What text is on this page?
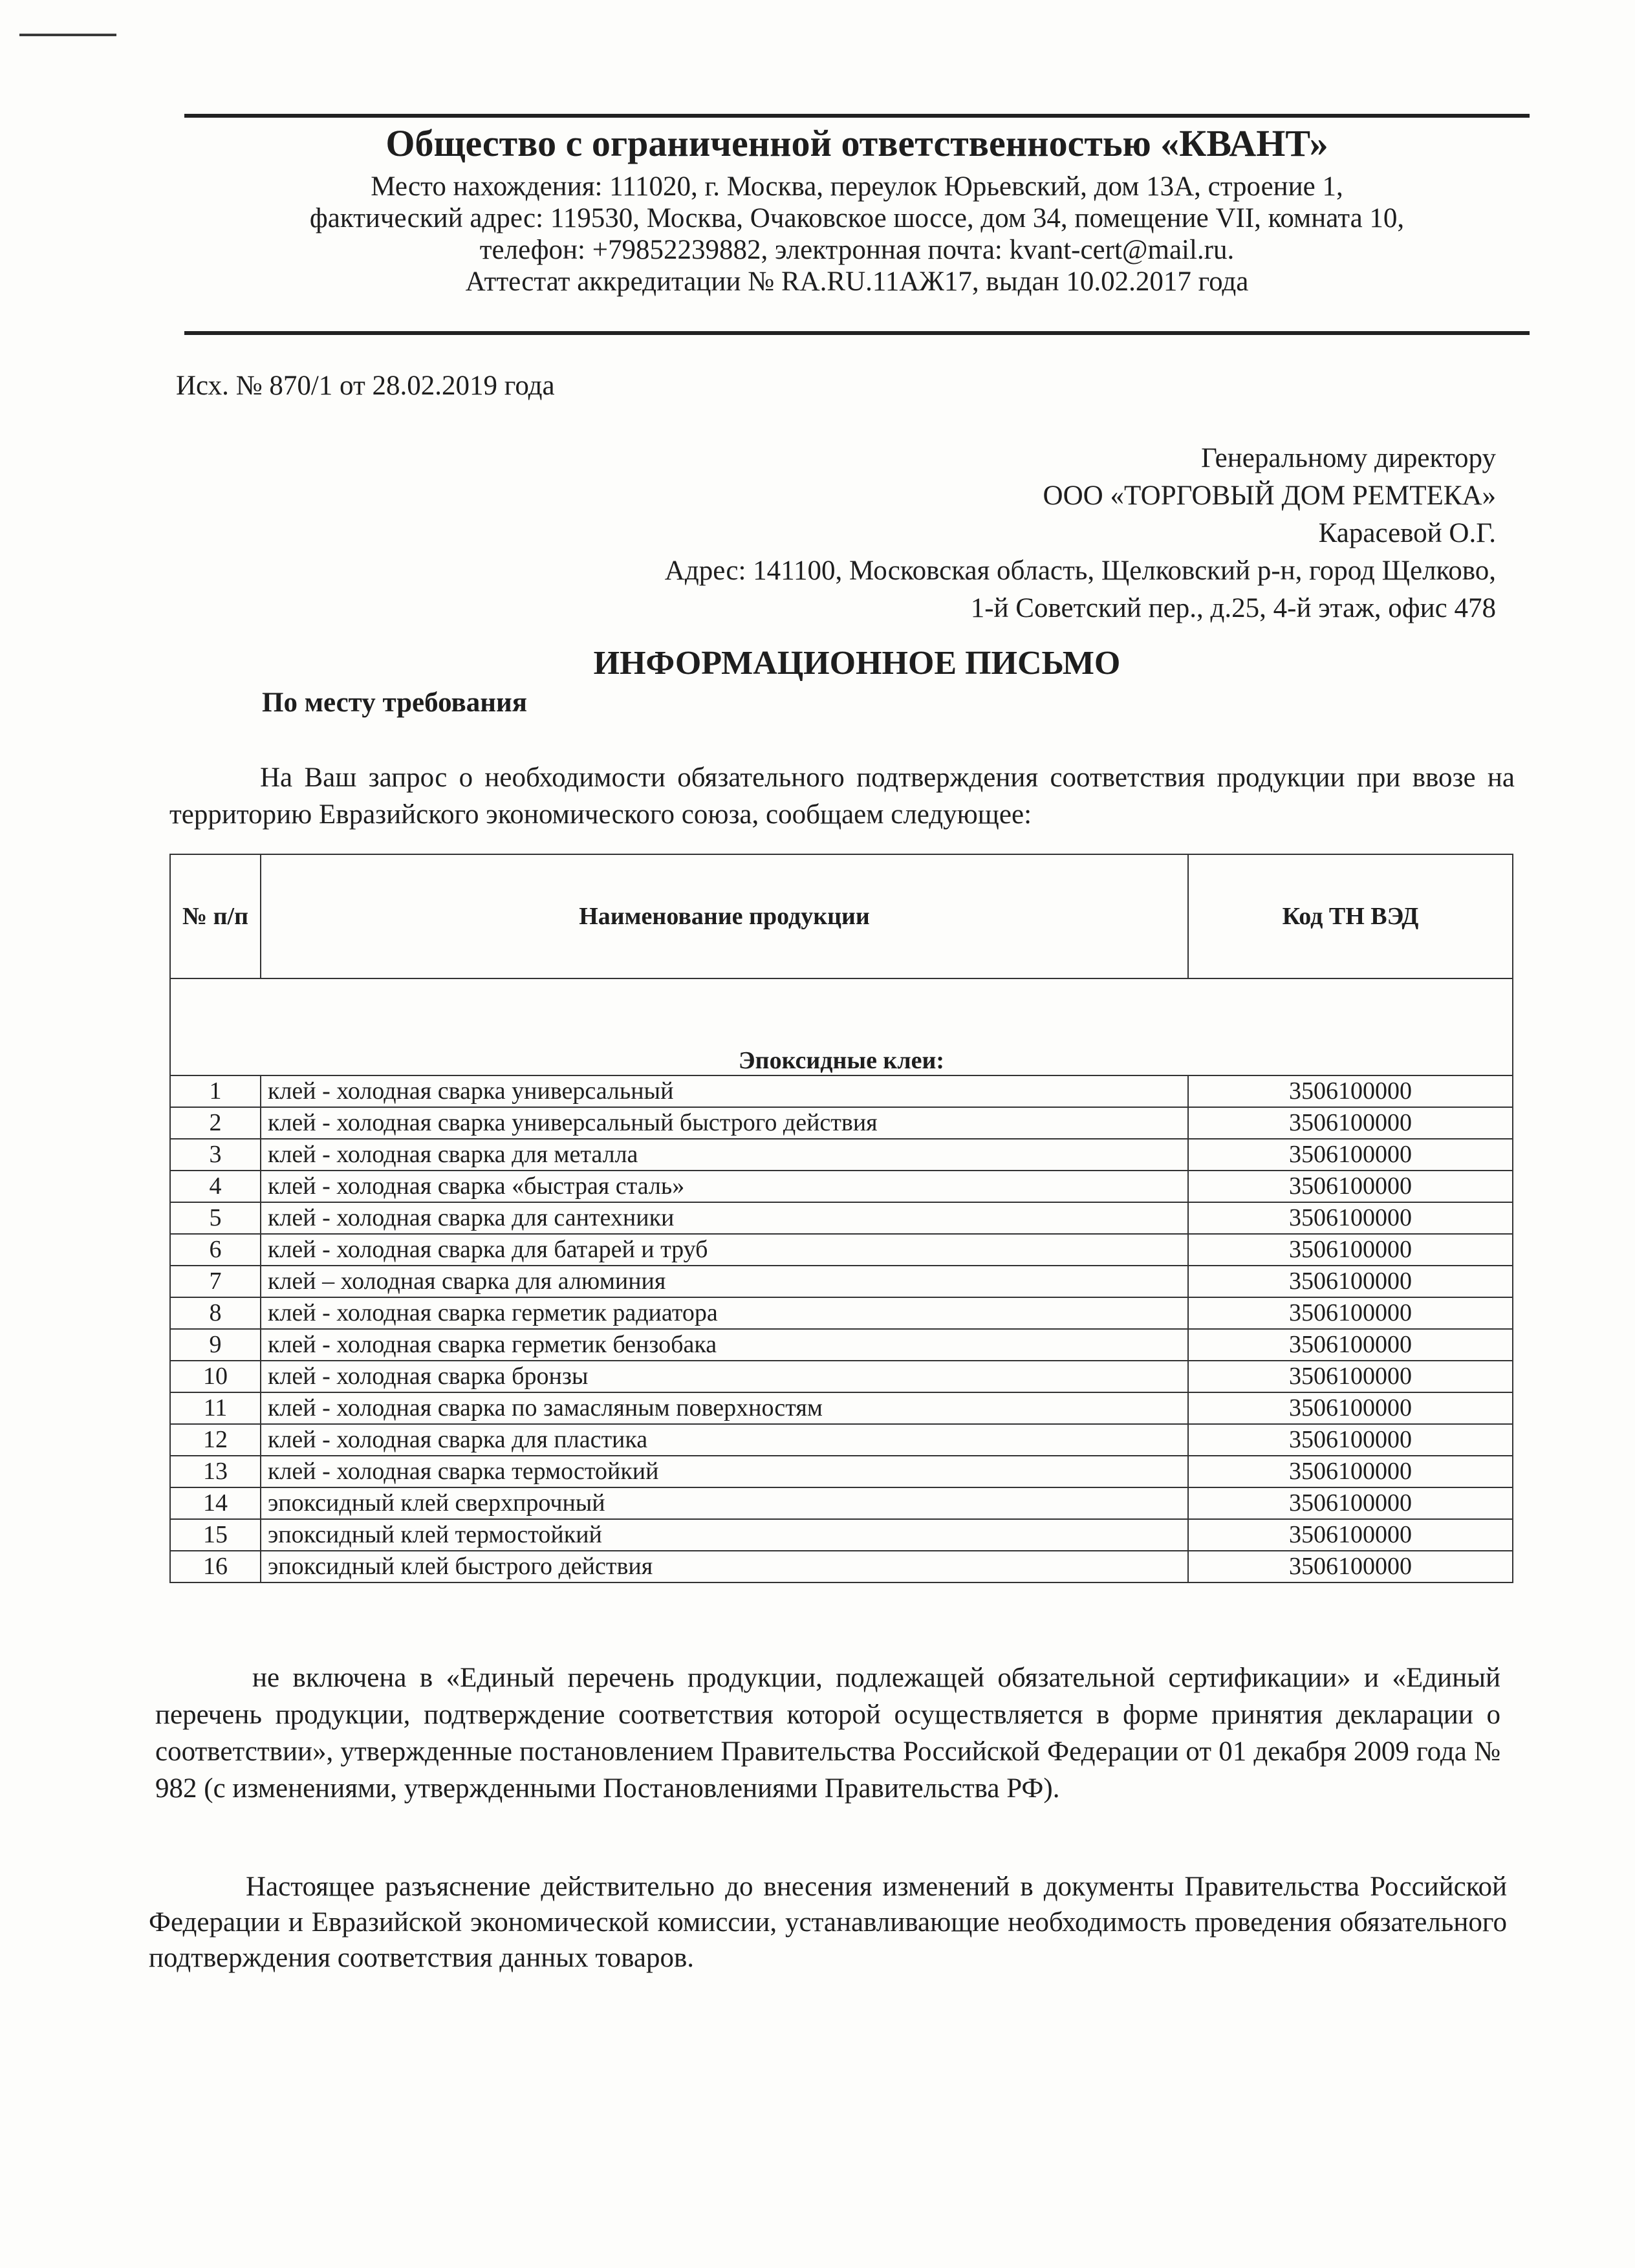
Общество с ограниченной ответственностью «КВАНТ»
Место нахождения: 111020, г. Москва, переулок Юрьевский, дом 13А, строение 1,
фактический адрес: 119530, Москва, Очаковское шоссе, дом 34, помещение VII, комната 10,
телефон: +79852239882, электронная почта: kvant-cert@mail.ru.
Аттестат аккредитации № RA.RU.11АЖ17, выдан 10.02.2017 года
Исх. № 870/1 от 28.02.2019 года
Генеральному директору
ООО «ТОРГОВЫЙ ДОМ РЕМТЕКА»
Карасевой О.Г.
Адрес: 141100, Московская область, Щелковский р-н, город Щелково,
1-й Советский пер., д.25, 4-й этаж, офис 478
ИНФОРМАЦИОННОЕ ПИСЬМО
По месту требования
На Ваш запрос о необходимости обязательного подтверждения соответствия продукции при ввозе на территорию Евразийского экономического союза, сообщаем следующее:
№ п/п	Наименование продукции	Код ТН ВЭД
Эпоксидные клеи:		
1	клей - холодная сварка универсальный	3506100000
2	клей - холодная сварка универсальный быстрого действия	3506100000
3	клей - холодная сварка для металла	3506100000
4	клей - холодная сварка «быстрая сталь»	3506100000
5	клей - холодная сварка для сантехники	3506100000
6	клей - холодная сварка для батарей и труб	3506100000
7	клей – холодная сварка для алюминия	3506100000
8	клей - холодная сварка герметик радиатора	3506100000
9	клей - холодная сварка герметик бензобака	3506100000
10	клей - холодная сварка бронзы	3506100000
11	клей - холодная сварка по замасляным поверхностям	3506100000
12	клей - холодная сварка для пластика	3506100000
13	клей - холодная сварка термостойкий	3506100000
14	эпоксидный клей сверхпрочный	3506100000
15	эпоксидный клей термостойкий	3506100000
16	эпоксидный клей быстрого действия	3506100000
не включена в «Единый перечень продукции, подлежащей обязательной сертификации» и «Единый перечень продукции, подтверждение соответствия которой осуществляется в форме принятия декларации о соответствии», утвержденные постановлением Правительства Российской Федерации от 01 декабря 2009 года № 982 (с изменениями, утвержденными Постановлениями Правительства РФ).
Настоящее разъяснение действительно до внесения изменений в документы Правительства Российской Федерации и Евразийской экономической комиссии, устанавливающие необходимость проведения обязательного подтверждения соответствия данных товаров.
